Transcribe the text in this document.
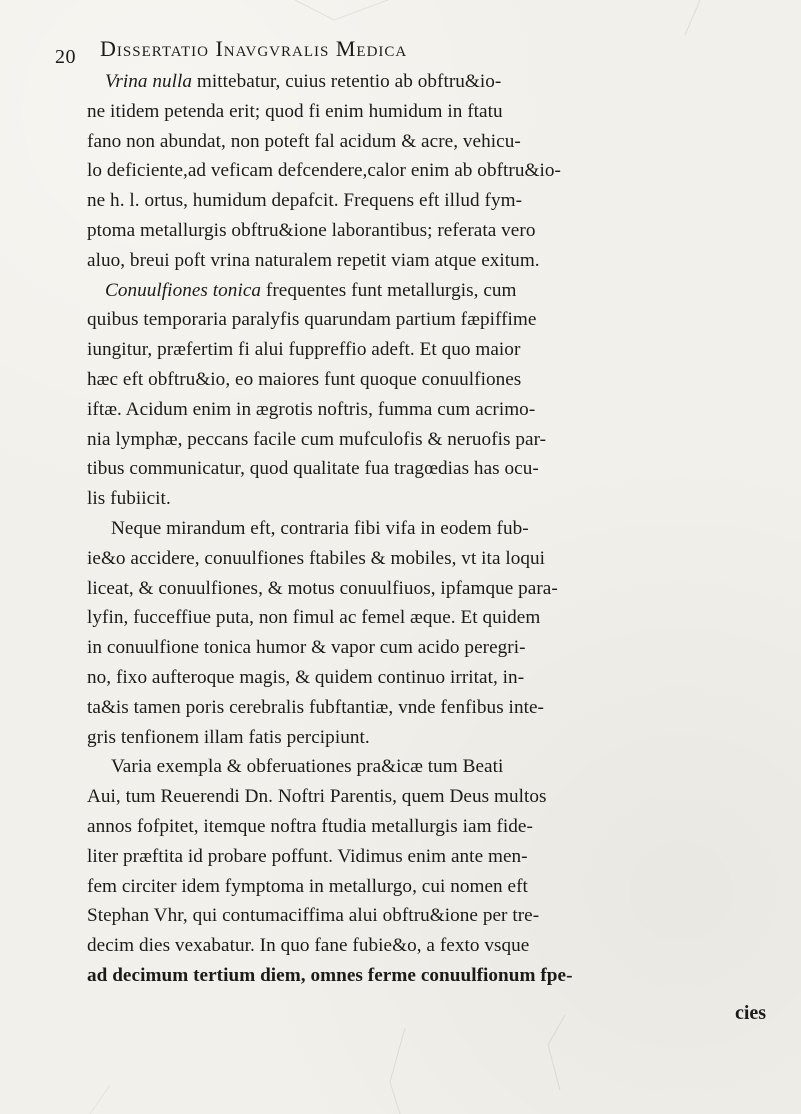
20 Dissertatio Inavgvralis Medica
Vrina nulla mittebatur, cuius retentio ab obftru&io-
ne itidem petenda erit; quod fi enim humidum in ftatu
fano non abundat, non poteft fal acidum & acre, vehicu-
lo deficiente,ad veficam defcendere,calor enim ab obftru&io-
ne h. l. ortus, humidum depafcit. Frequens eft illud fym-
ptoma metallurgis obftru&ione laborantibus; referata vero
aluo, breui poft vrina naturalem repetit viam atque exitum.
Conuulfiones tonica frequentes funt metallurgis, cum
quibus temporaria paralyfis quarundam partium fæpiffime
iungitur, præfertim fi alui fuppreffio adeft. Et quo maior
hæc eft obftru&io, eo maiores funt quoque conuulfiones
iftæ. Acidum enim in ægrotis noftris, fumma cum acrimo-
nia lymphæ, peccans facile cum mufculofis & neruofis par-
tibus communicatur, quod qualitate fua tragœdias has ocu-
lis fubiicit.
Neque mirandum eft, contraria fibi vifa in eodem fub-
ie&o accidere, conuulfiones ftabiles & mobiles, vt ita loqui
liceat, & conuulfiones, & motus conuulfiuos, ipfamque para-
lyfin, fucceffiue puta, non fimul ac femel æque. Et quidem
in conuulfione tonica humor & vapor cum acido peregri-
no, fixo aufteroque magis, & quidem continuo irritat, in-
ta&is tamen poris cerebralis fubftantiæ, vnde fenfibus inte-
gris tenfionem illam fatis percipiunt.
Varia exempla & obferuationes pra&icæ tum Beati
Aui, tum Reuerendi Dn. Noftri Parentis, quem Deus multos
annos fofpitet, itemque noftra ftudia metallurgis iam fide-
liter præftita id probare poffunt. Vidimus enim ante men-
fem circiter idem fymptoma in metallurgo, cui nomen eft
Stephan Vhr, qui contumaciffima alui obftru&ione per tre-
decim dies vexabatur. In quo fane fubie&o, a fexto vsque
ad decimum tertium diem, omnes ferme conuulfionum fpe-
cies
